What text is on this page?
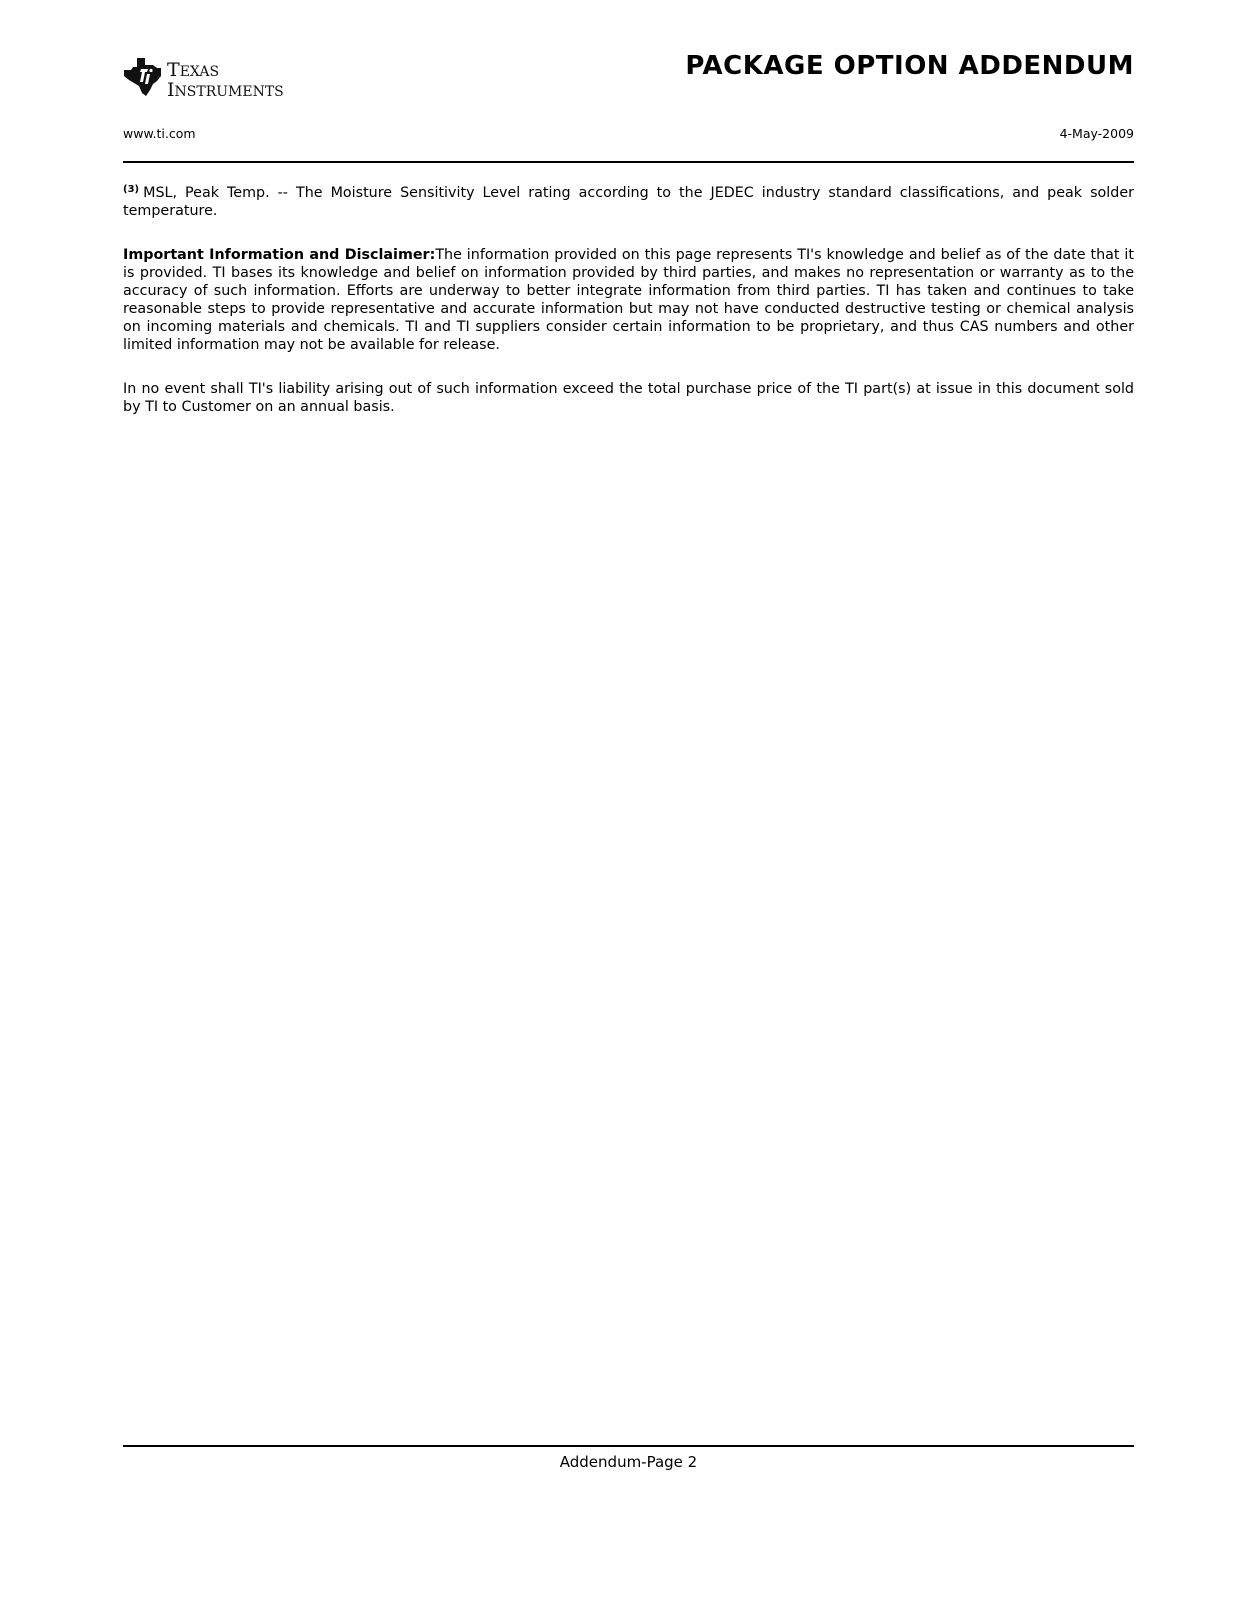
TEXAS
INSTRUMENTS
PACKAGE OPTION ADDENDUM
www.ti.com	4-May-2009

$^{(3)}$ MSL, Peak Temp. -- The Moisture Sensitivity Level rating according to the JEDEC industry standard classifications, and peak solder temperature.

Important Information and Disclaimer:The information provided on this page represents TI's knowledge and belief as of the date that it is provided. TI bases its knowledge and belief on information provided by third parties, and makes no representation or warranty as to the accuracy of such information. Efforts are underway to better integrate information from third parties. TI has taken and continues to take reasonable steps to provide representative and accurate information but may not have conducted destructive testing or chemical analysis on incoming materials and chemicals. TI and TI suppliers consider certain information to be proprietary, and thus CAS numbers and other limited information may not be available for release.

In no event shall TI's liability arising out of such information exceed the total purchase price of the TI part(s) at issue in this document sold by TI to Customer on an annual basis.

Addendum-Page 2
